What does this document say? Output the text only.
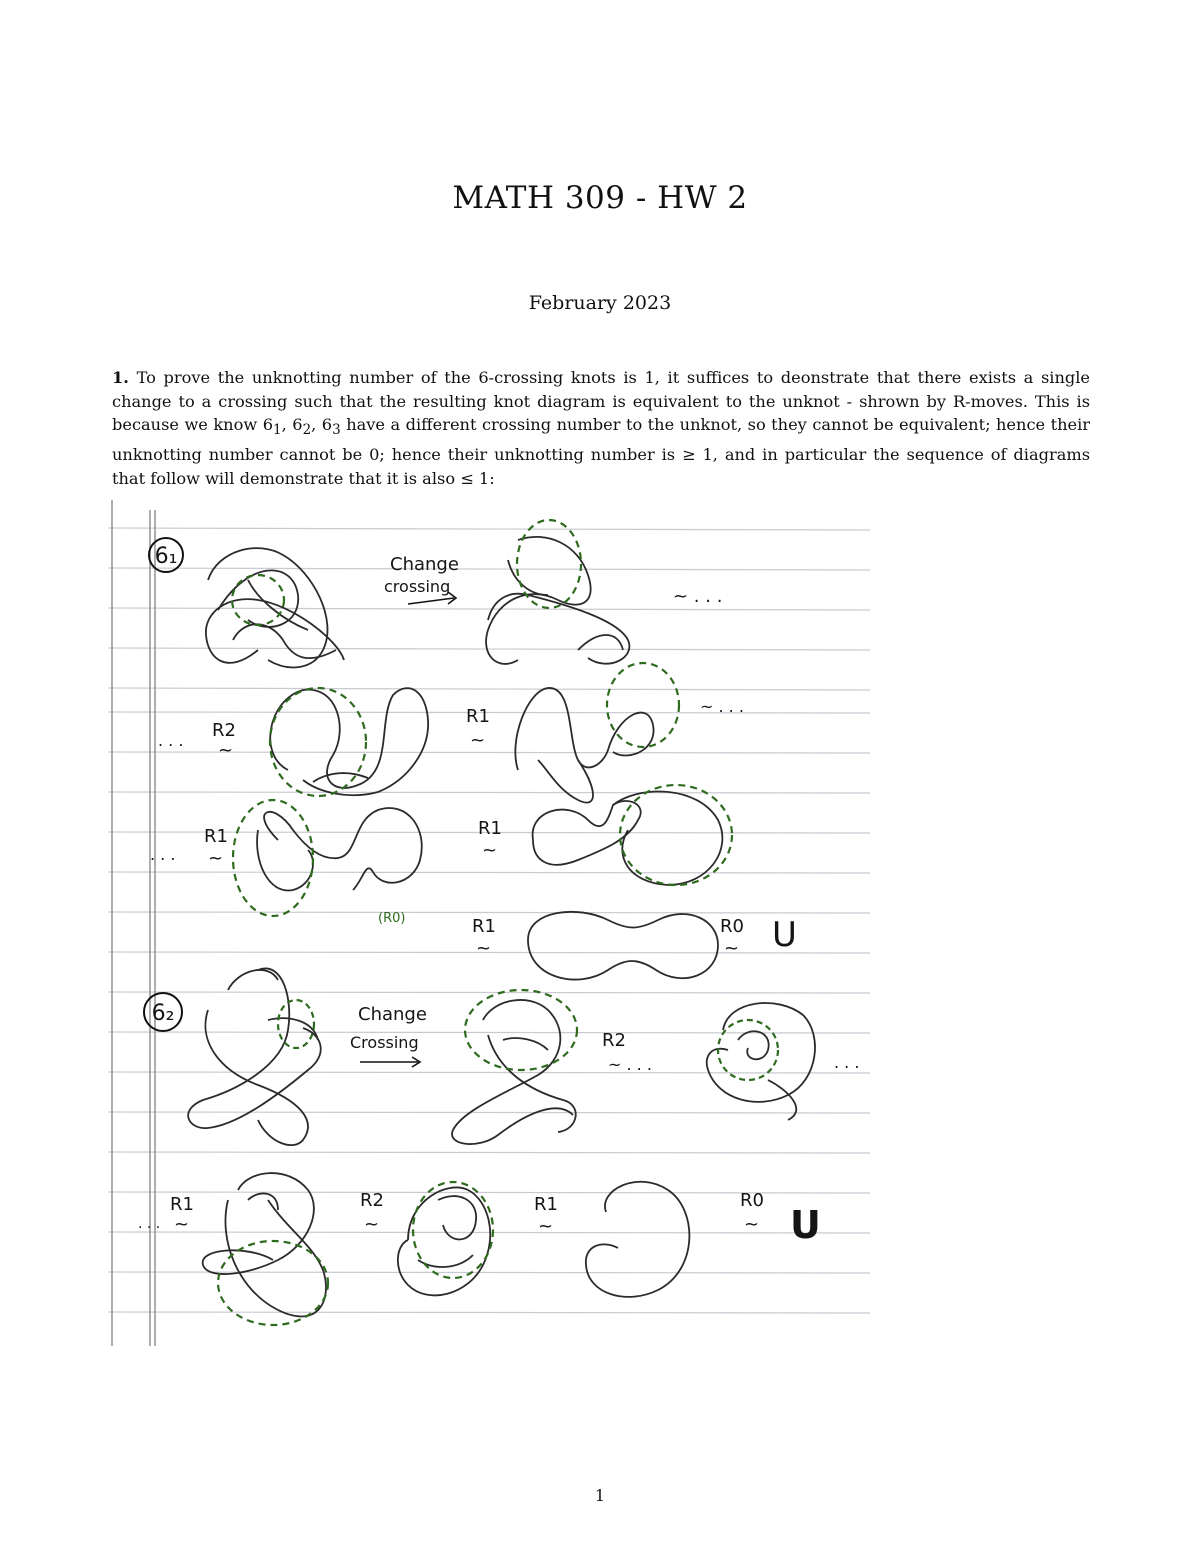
MATH 309 - HW 2
February 2023
1. To prove the unknotting number of the 6-crossing knots is 1, it suffices to deonstrate that there exists a single change to a crossing such that the resulting knot diagram is equivalent to the unknot - shrown by R-moves. This is because we know $6_1$, $6_2$, $6_3$ have a different crossing number to the unknot, so they cannot be equivalent; hence their unknotting number cannot be 0; hence their unknotting number is ≥ 1, and in particular the sequence of diagrams that follow will demonstrate that it is also ≤ 1:
6₁	Change
crossing	~ . . .
. . . R2
~
R1
~
~ . . .
. . .
R1
~
(R0)
R1
~
R1
~
R0
~ U
6₂	Change
Crossing	R2
~ . . .	. . .
. . .
R1
~
R2
~
R1
~
R0
~ U
1
